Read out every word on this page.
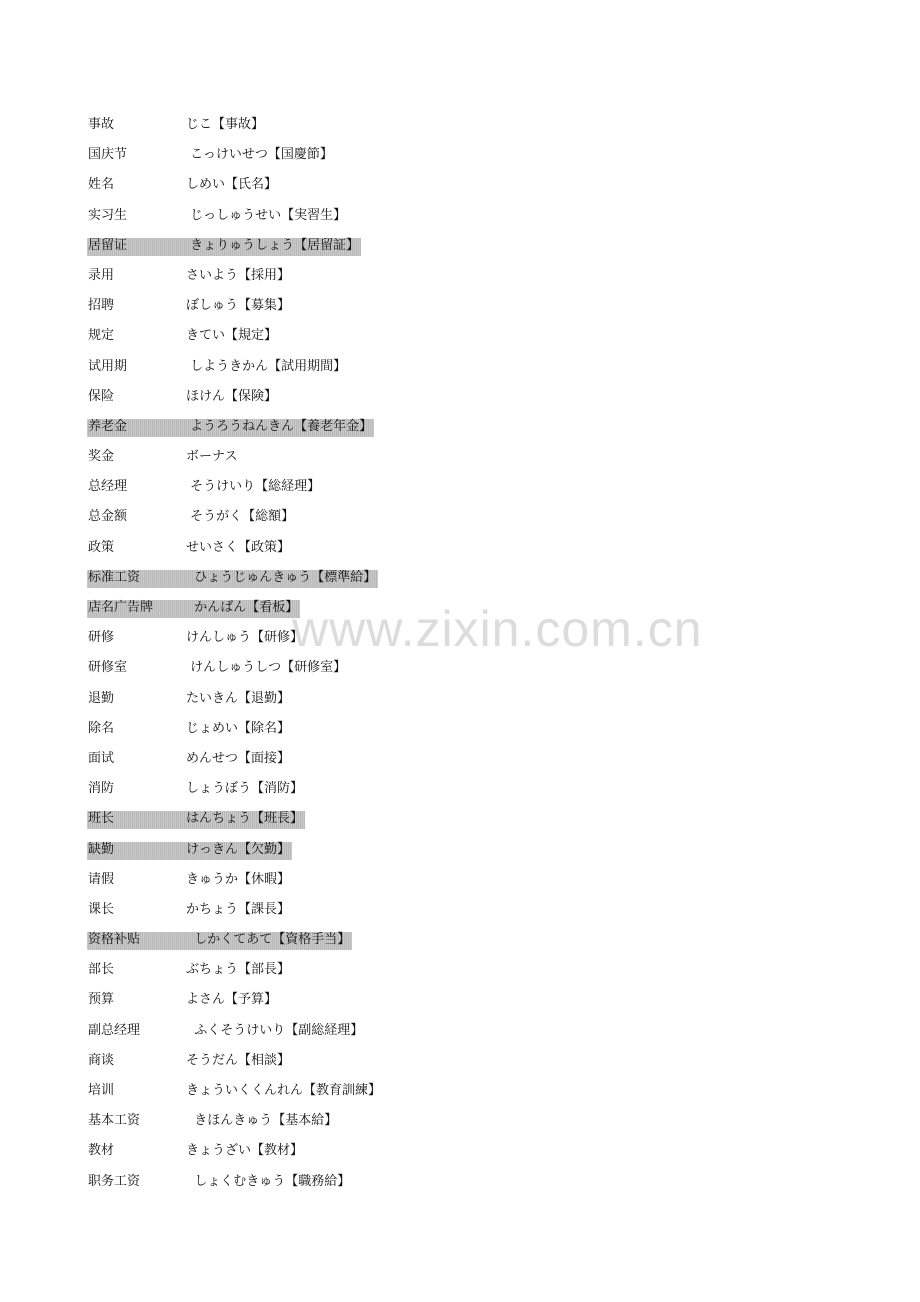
事故	じこ【事故】
国庆节	こっけいせつ【国慶節】
姓名	しめい【氏名】
实习生	じっしゅうせい【実習生】
居留证	きょりゅうしょう【居留証】
录用	さいよう【採用】
招聘	ぼしゅう【募集】
规定	きてい【規定】
试用期	しようきかん【試用期間】
保险	ほけん【保険】
养老金	ようろうねんきん【養老年金】
奖金	ボーナス
总经理	そうけいり【総経理】
总金额	そうがく【総額】
政策	せいさく【政策】
标准工资	ひょうじゅんきゅう【標準給】
店名广告牌	かんばん【看板】
研修	けんしゅう【研修】
研修室	けんしゅうしつ【研修室】
退勤	たいきん【退勤】
除名	じょめい【除名】
面试	めんせつ【面接】
消防	しょうぼう【消防】
班长	はんちょう【班長】
缺勤	けっきん【欠勤】
请假	きゅうか【休暇】
课长	かちょう【課長】
资格补贴	しかくてあて【資格手当】
部长	ぶちょう【部長】
预算	よさん【予算】
副总经理	ふくそうけいり【副総経理】
商谈	そうだん【相談】
培训	きょういくくんれん【教育訓練】
基本工资	きほんきゅう【基本給】
教材	きょうざい【教材】
职务工资	しょくむきゅう【職務給】
www.zixin.com.cn
